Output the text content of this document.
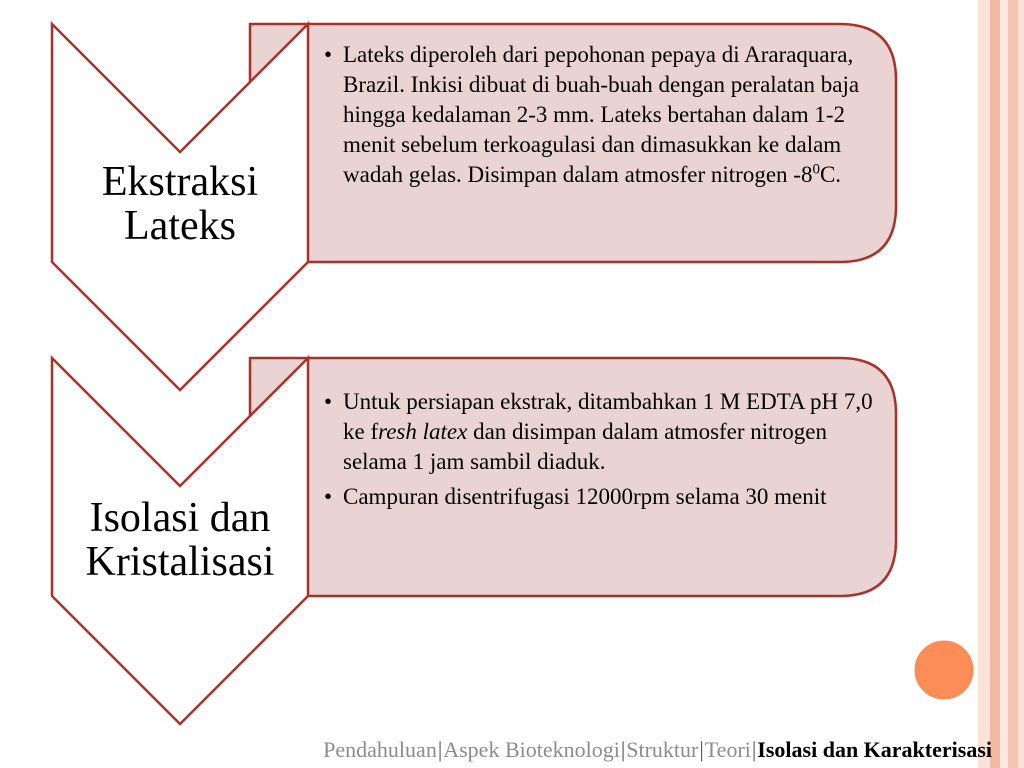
Ekstraksi
Lateks
Isolasi dan
Kristalisasi
• Lateks diperoleh dari pepohonan pepaya di Araraquara, Brazil. Inkisi dibuat di buah-buah dengan peralatan baja hingga kedalaman 2-3 mm. Lateks bertahan dalam 1-2 menit sebelum terkoagulasi dan dimasukkan ke dalam wadah gelas. Disimpan dalam atmosfer nitrogen $-8^0C$.
• Untuk persiapan ekstrak, ditambahkan 1 M EDTA pH 7,0 ke fresh latex dan disimpan dalam atmosfer nitrogen selama 1 jam sambil diaduk.
• Campuran disentrifugasi 12000rpm selama 30 menit
Pendahuluan|Aspek Bioteknologi|Struktur|Teori|Isolasi dan Karakterisasi
